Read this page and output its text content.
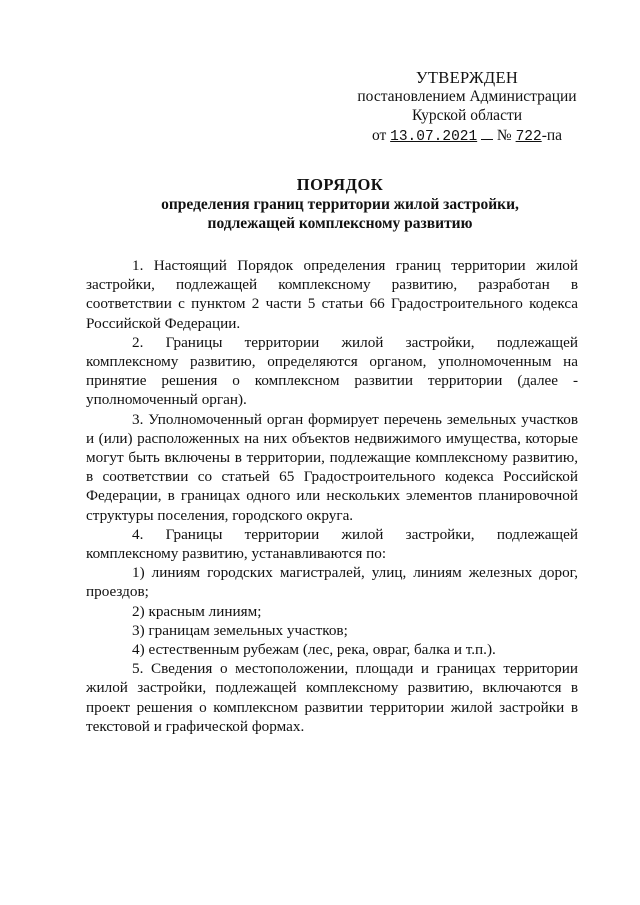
УТВЕРЖДЕН
постановлением Администрации
Курской области
от 13.07.2021 № 722-па
ПОРЯДОК
определения границ территории жилой застройки,
подлежащей комплексному развитию

1. Настоящий Порядок определения границ территории жилой застройки, подлежащей комплексному развитию, разработан в соответствии с пунктом 2 части 5 статьи 66 Градостроительного кодекса Российской Федерации.

2. Границы территории жилой застройки, подлежащей комплексному развитию, определяются органом, уполномоченным на принятие решения о комплексном развитии территории (далее - уполномоченный орган).

3. Уполномоченный орган формирует перечень земельных участков и (или) расположенных на них объектов недвижимого имущества, которые могут быть включены в территории, подлежащие комплексному развитию, в соответствии со статьей 65 Градостроительного кодекса Российской Федерации, в границах одного или нескольких элементов планировочной структуры поселения, городского округа.

4. Границы территории жилой застройки, подлежащей комплексному развитию, устанавливаются по:

1) линиям городских магистралей, улиц, линиям железных дорог, проездов;

2) красным линиям;

3) границам земельных участков;

4) естественным рубежам (лес, река, овраг, балка и т.п.).

5. Сведения о местоположении, площади и границах территории жилой застройки, подлежащей комплексному развитию, включаются в проект решения о комплексном развитии территории жилой застройки в текстовой и графической формах.
